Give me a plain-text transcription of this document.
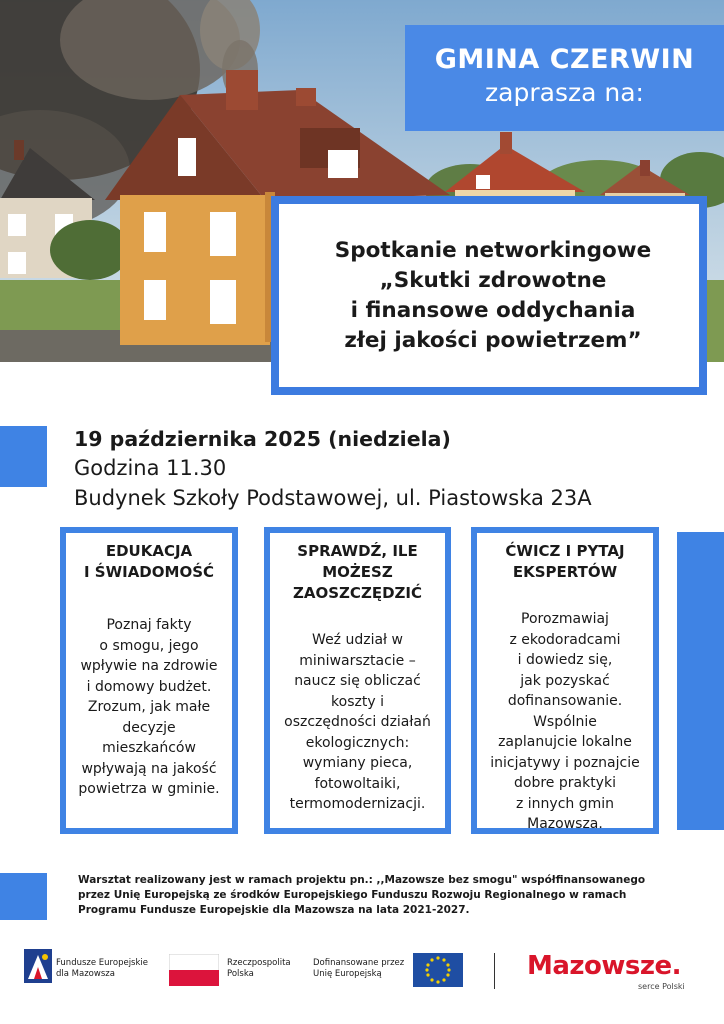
GMINA CZERWIN
zaprasza na:
Spotkanie networkingowe
„Skutki zdrowotne
i finansowe oddychania
złej jakości powietrzem”
19 października 2025 (niedziela)
Godzina 11.30
Budynek Szkoły Podstawowej, ul. Piastowska 23A
EDUKACJA
I ŚWIADOMOŚĆ
Poznaj fakty
o smogu, jego
wpływie na zdrowie
i domowy budżet.
Zrozum, jak małe
decyzje
mieszkańców
wpływają na jakość
powietrza w gminie.
SPRAWDŹ, ILE
MOŻESZ
ZAOSZCZĘDZIĆ
Weź udział w
miniwarsztacie –
naucz się obliczać
koszty i
oszczędności działań
ekologicznych:
wymiany pieca,
fotowoltaiki,
termomodernizacji.
ĆWICZ I PYTAJ
EKSPERTÓW
Porozmawiaj
z ekodoradcami
i dowiedz się,
jak pozyskać
dofinansowanie.
Wspólnie
zaplanujcie lokalne
inicjatywy i poznajcie
dobre praktyki
z innych gmin
Mazowsza.
Warsztat realizowany jest w ramach projektu pn.: ,,Mazowsze bez smogu" współfinansowanego
przez Unię Europejską ze środków Europejskiego Funduszu Rozwoju Regionalnego w ramach
Programu Fundusze Europejskie dla Mazowsza na lata 2021-2027.
Fundusze Europejskie
dla Mazowsza
Rzeczpospolita
Polska
Dofinansowane przez
Unię Europejską	Mazowsze.
serce Polski
